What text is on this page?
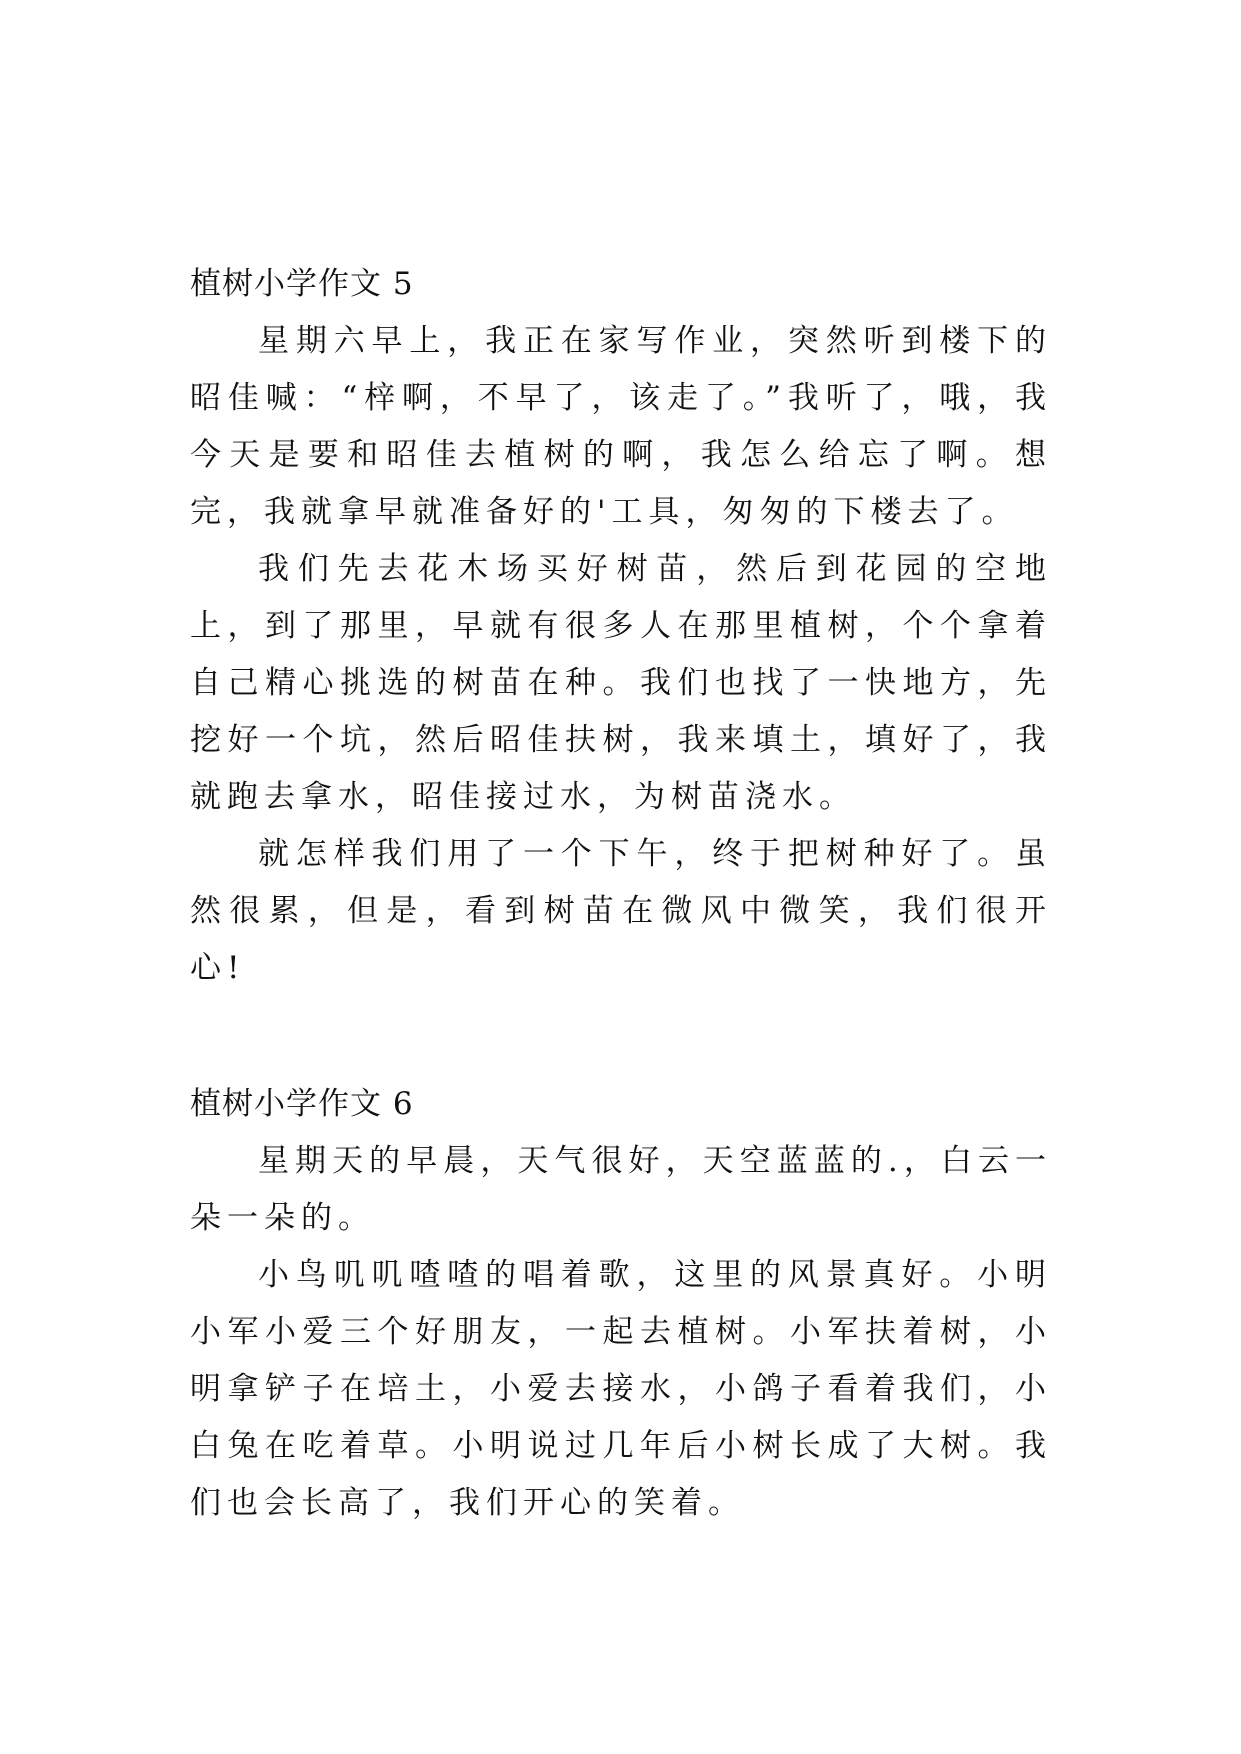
植树小学作文 5

星期六早上，我正在家写作业，突然听到楼下的昭佳喊：“梓啊，不早了，该走了。”我听了，哦，我今天是要和昭佳去植树的啊，我怎么给忘了啊。想完，我就拿早就准备好的'工具，匆匆的下楼去了。

我们先去花木场买好树苗，然后到花园的空地上，到了那里，早就有很多人在那里植树，个个拿着自己精心挑选的树苗在种。我们也找了一快地方，先挖好一个坑，然后昭佳扶树，我来填土，填好了，我就跑去拿水，昭佳接过水，为树苗浇水。

就怎样我们用了一个下午，终于把树种好了。虽然很累，但是，看到树苗在微风中微笑，我们很开心!

植树小学作文 6

星期天的早晨，天气很好，天空蓝蓝的.，白云一朵一朵的。

小鸟叽叽喳喳的唱着歌，这里的风景真好。小明小军小爱三个好朋友，一起去植树。小军扶着树，小明拿铲子在培土，小爱去接水，小鸽子看着我们，小白兔在吃着草。小明说过几年后小树长成了大树。我们也会长高了，我们开心的笑着。
